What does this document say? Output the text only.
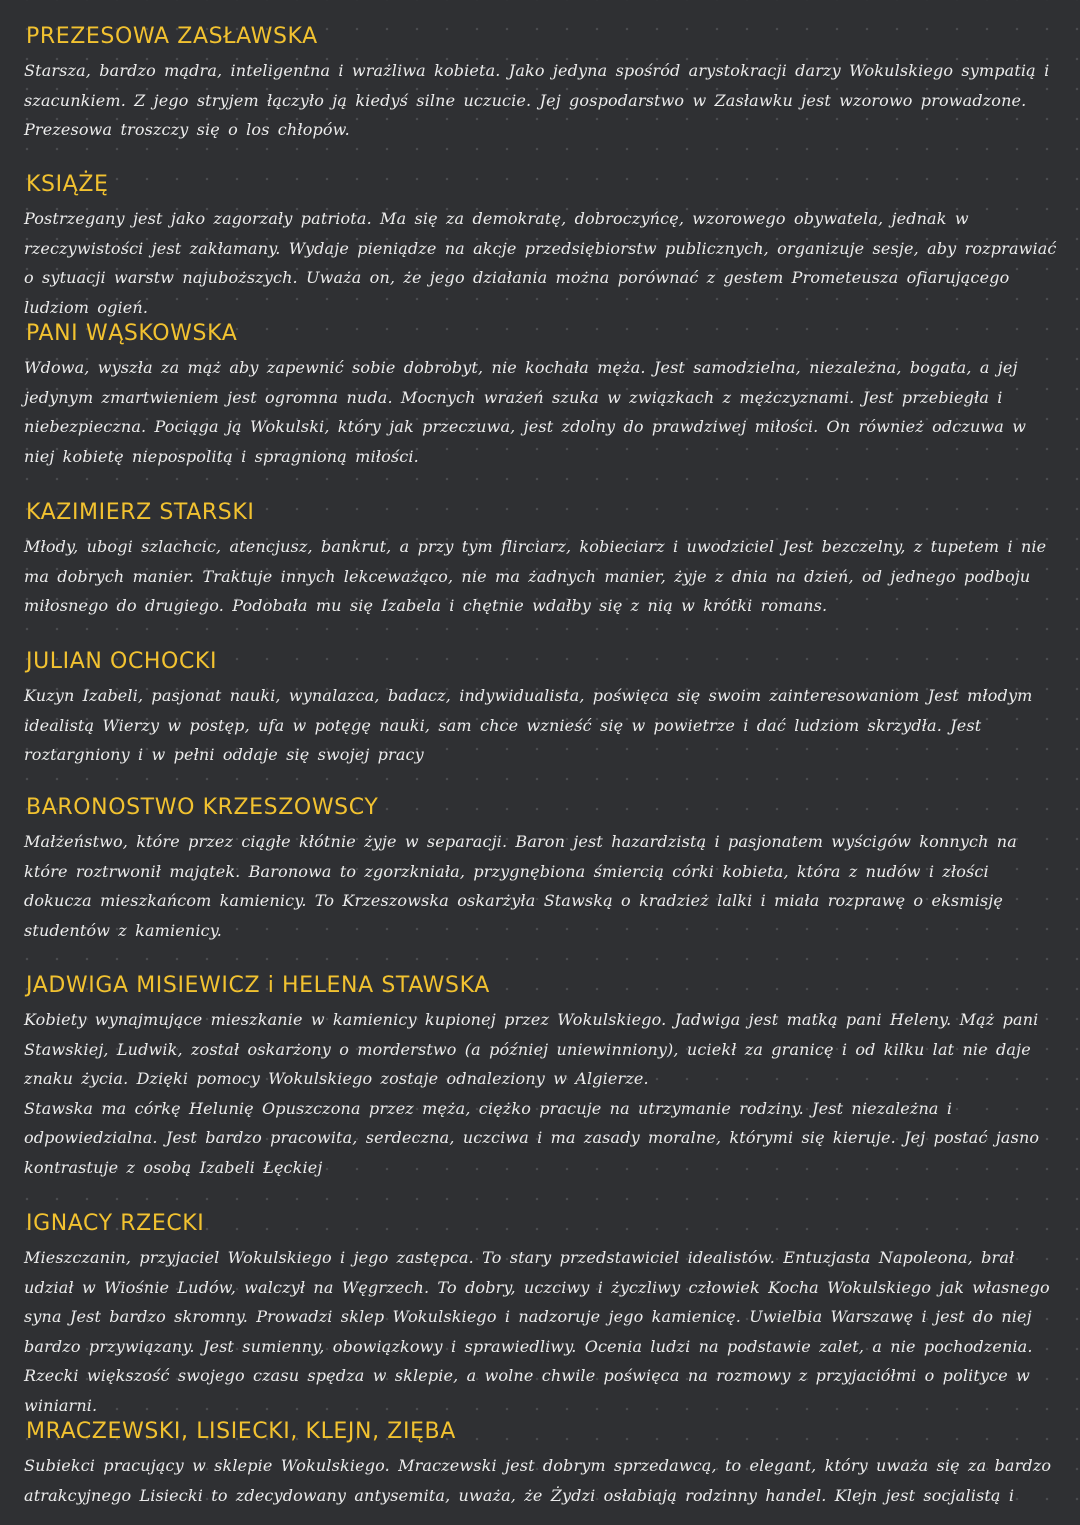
PREZESOWA ZASŁAWSKA

Starsza, bardzo mądra, inteligentna i wrażliwa kobieta. Jako jedyna spośród arystokracji darzy Wokulskiego sympatią i szacunkiem. Z jego stryjem łączyło ją kiedyś silne uczucie. Jej gospodarstwo w Zasławku jest wzorowo prowadzone. Prezesowa troszczy się o los chłopów.

KSIĄŻĘ

Postrzegany jest jako zagorzały patriota. Ma się za demokratę, dobroczyńcę, wzorowego obywatela, jednak w rzeczywistości jest zakłamany. Wydaje pieniądze na akcje przedsiębiorstw publicznych, organizuje sesje, aby rozprawiać o sytuacji warstw najuboższych. Uważa on, że jego działania można porównać z gestem Prometeusza ofiarującego ludziom ogień.

PANI WĄSKOWSKA

Wdowa, wyszła za mąż aby zapewnić sobie dobrobyt, nie kochała męża. Jest samodzielna, niezależna, bogata, a jej jedynym zmartwieniem jest ogromna nuda. Mocnych wrażeń szuka w związkach z mężczyznami. Jest przebiegła i niebezpieczna. Pociąga ją Wokulski, który jak przeczuwa, jest zdolny do prawdziwej miłości. On również odczuwa w niej kobietę niepospolitą i spragnioną miłości.

KAZIMIERZ STARSKI

Młody, ubogi szlachcic, atencjusz, bankrut, a przy tym flirciarz, kobieciarz i uwodziciel Jest bezczelny, z tupetem i nie ma dobrych manier. Traktuje innych lekceważąco, nie ma żadnych manier, żyje z dnia na dzień, od jednego podboju miłosnego do drugiego. Podobała mu się Izabela i chętnie wdałby się z nią w krótki romans.

JULIAN OCHOCKI

Kuzyn Izabeli, pasjonat nauki, wynalazca, badacz, indywidualista, poświęca się swoim zainteresowaniom Jest młodym idealistą Wierzy w postęp, ufa w potęgę nauki, sam chce wznieść się w powietrze i dać ludziom skrzydła. Jest roztargniony i w pełni oddaje się swojej pracy

BARONOSTWO KRZESZOWSCY

Małżeństwo, które przez ciągłe kłótnie żyje w separacji. Baron jest hazardzistą i pasjonatem wyścigów konnych na które roztrwonił majątek. Baronowa to zgorzkniała, przygnębiona śmiercią córki kobieta, która z nudów i złości dokucza mieszkańcom kamienicy. To Krzeszowska oskarżyła Stawską o kradzież lalki i miała rozprawę o eksmisję studentów z kamienicy.

JADWIGA MISIEWICZ i HELENA STAWSKA

Kobiety wynajmujące mieszkanie w kamienicy kupionej przez Wokulskiego. Jadwiga jest matką pani Heleny. Mąż pani Stawskiej, Ludwik, został oskarżony o morderstwo (a później uniewinniony), uciekł za granicę i od kilku lat nie daje znaku życia. Dzięki pomocy Wokulskiego zostaje odnaleziony w Algierze.

Stawska ma córkę Helunię Opuszczona przez męża, ciężko pracuje na utrzymanie rodziny. Jest niezależna i odpowiedzialna. Jest bardzo pracowita, serdeczna, uczciwa i ma zasady moralne, którymi się kieruje. Jej postać jasno kontrastuje z osobą Izabeli Łęckiej

IGNACY RZECKI

Mieszczanin, przyjaciel Wokulskiego i jego zastępca. To stary przedstawiciel idealistów. Entuzjasta Napoleona, brał udział w Wiośnie Ludów, walczył na Węgrzech. To dobry, uczciwy i życzliwy człowiek Kocha Wokulskiego jak własnego syna Jest bardzo skromny. Prowadzi sklep Wokulskiego i nadzoruje jego kamienicę. Uwielbia Warszawę i jest do niej bardzo przywiązany. Jest sumienny, obowiązkowy i sprawiedliwy. Ocenia ludzi na podstawie zalet, a nie pochodzenia. Rzecki większość swojego czasu spędza w sklepie, a wolne chwile poświęca na rozmowy z przyjaciółmi o polityce w winiarni.

MRACZEWSKI, LISIECKI, KLEJN, ZIĘBA

Subiekci pracujący w sklepie Wokulskiego. Mraczewski jest dobrym sprzedawcą, to elegant, który uważa się za bardzo atrakcyjnego Lisiecki to zdecydowany antysemita, uważa, że Żydzi osłabiają rodzinny handel. Klejn jest socjalistą i
